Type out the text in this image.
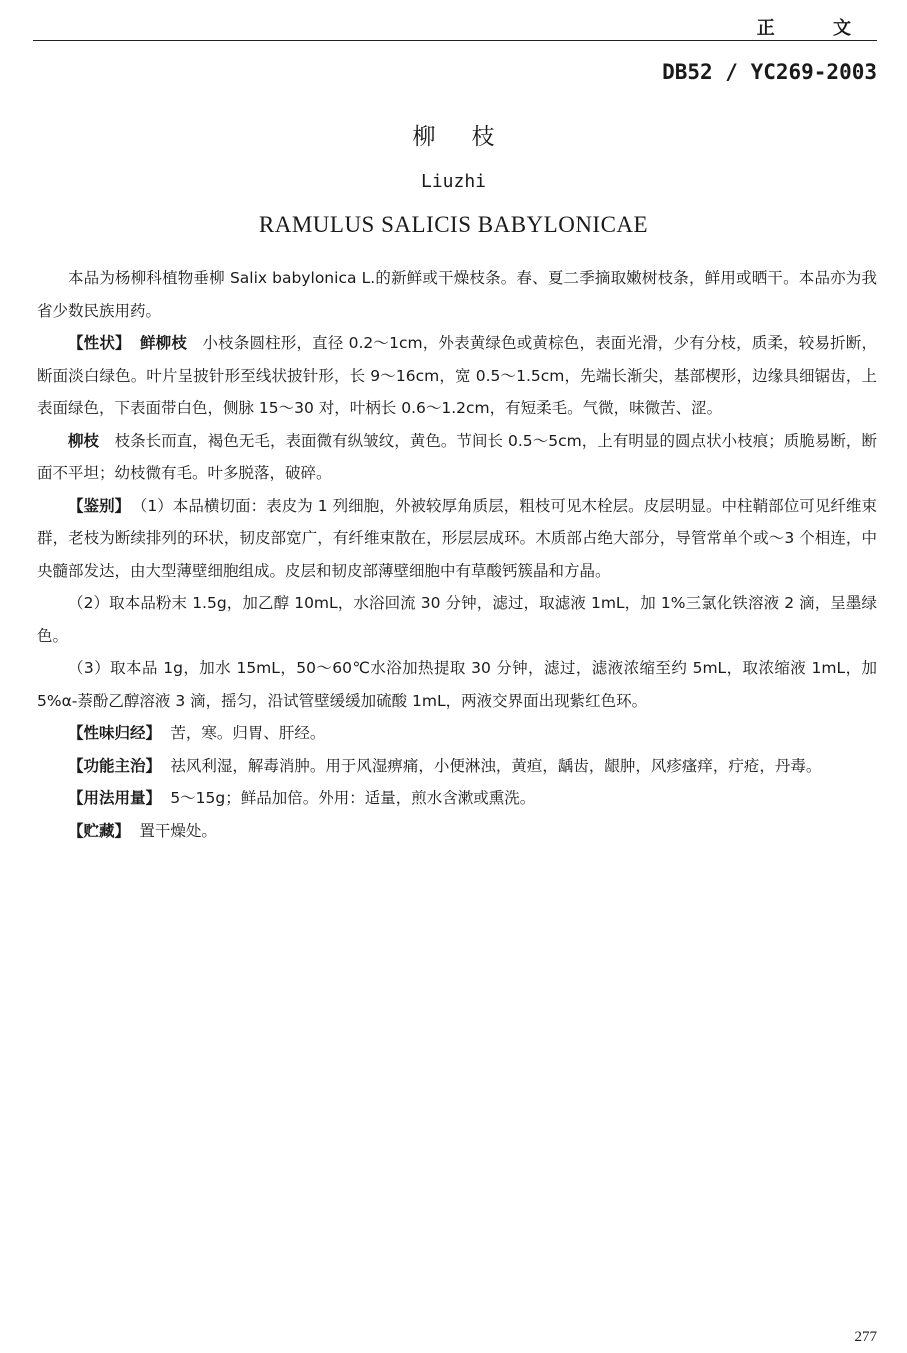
正 文
DB52 / YC269-2003
柳枝
Liuzhi
RAMULUS SALICIS BABYLONICAE

本品为杨柳科植物垂柳 Salix babylonica L.的新鲜或干燥枝条。春、夏二季摘取嫩树枝条，鲜用或晒干。本品亦为我省少数民族用药。

【性状】 鲜柳枝 小枝条圆柱形，直径 0.2～1cm，外表黄绿色或黄棕色，表面光滑，少有分枝，质柔，较易折断，断面淡白绿色。叶片呈披针形至线状披针形，长 9～16cm，宽 0.5～1.5cm，先端长渐尖，基部楔形，边缘具细锯齿，上表面绿色，下表面带白色，侧脉 15～30 对，叶柄长 0.6～1.2cm，有短柔毛。气微，味微苦、涩。

柳枝 枝条长而直，褐色无毛，表面微有纵皱纹，黄色。节间长 0.5～5cm，上有明显的圆点状小枝痕；质脆易断，断面不平坦；幼枝微有毛。叶多脱落，破碎。

【鉴别】 （1）本品横切面：表皮为 1 列细胞，外被较厚角质层，粗枝可见木栓层。皮层明显。中柱鞘部位可见纤维束群，老枝为断续排列的环状，韧皮部宽广，有纤维束散在，形层层成环。木质部占绝大部分，导管常单个或～3 个相连，中央髓部发达，由大型薄壁细胞组成。皮层和韧皮部薄壁细胞中有草酸钙簇晶和方晶。

（2）取本品粉末 1.5g，加乙醇 10mL，水浴回流 30 分钟，滤过，取滤液 1mL，加 1%三氯化铁溶液 2 滴，呈墨绿色。

（3）取本品 1g，加水 15mL，50～60℃水浴加热提取 30 分钟，滤过，滤液浓缩至约 5mL，取浓缩液 1mL，加 5%α-萘酚乙醇溶液 3 滴，摇匀，沿试管壁缓缓加硫酸 1mL，两液交界面出现紫红色环。

【性味归经】 苦，寒。归胃、肝经。

【功能主治】 祛风利湿，解毒消肿。用于风湿痹痛，小便淋浊，黄疸，龋齿，龈肿，风疹瘙痒，疔疮，丹毒。

【用法用量】 5～15g；鲜品加倍。外用：适量，煎水含漱或熏洗。

【贮藏】 置干燥处。

277
